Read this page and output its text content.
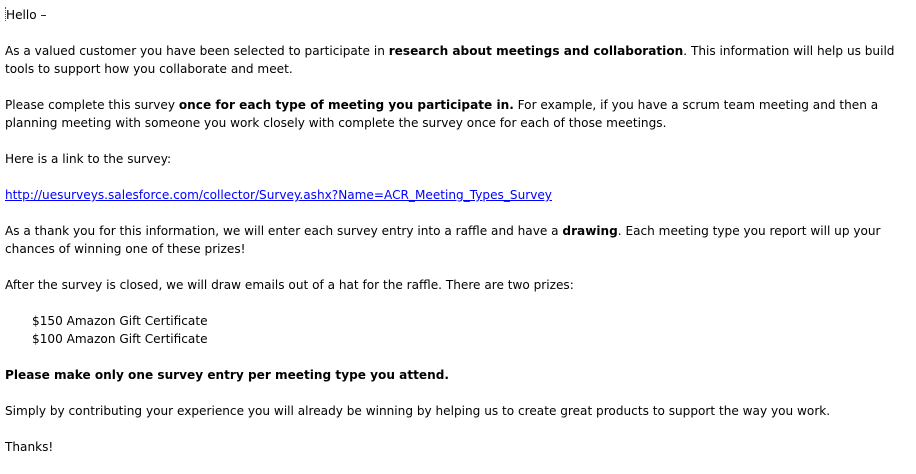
Hello –

As a valued customer you have been selected to participate in research about meetings and collaboration. This information will help us build tools to support how you collaborate and meet.

Please complete this survey once for each type of meeting you participate in. For example, if you have a scrum team meeting and then a planning meeting with someone you work closely with complete the survey once for each of those meetings.

Here is a link to the survey:

http://uesurveys.salesforce.com/collector/Survey.ashx?Name=ACR_Meeting_Types_Survey

As a thank you for this information, we will enter each survey entry into a raffle and have a drawing. Each meeting type you report will up your chances of winning one of these prizes!

After the survey is closed, we will draw emails out of a hat for the raffle. There are two prizes:

$150 Amazon Gift Certificate

$100 Amazon Gift Certificate

Please make only one survey entry per meeting type you attend.

Simply by contributing your experience you will already be winning by helping us to create great products to support the way you work.

Thanks!
